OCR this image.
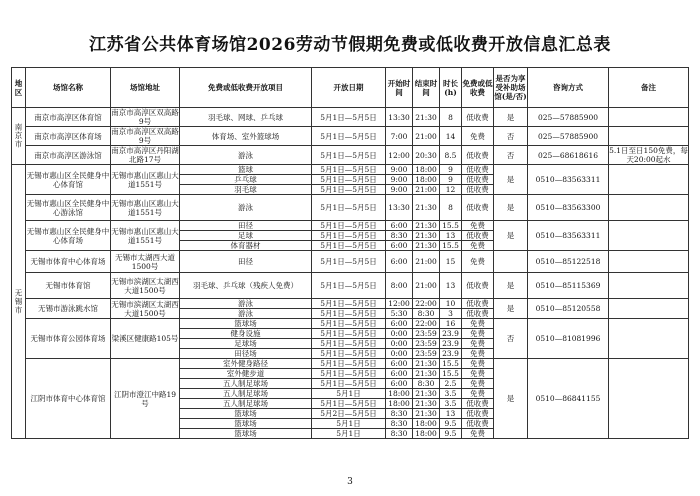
江苏省公共体育场馆2026劳动节假期免费或低收费开放信息汇总表
地区	场馆名称	场馆地址	免费或低收费开放项目	开放日期	开始时间	结束时间	时长(h)	免费或低收费	是否为享受补助场馆(是/否)	咨询方式	备注
南京市	南京市高淳区体育馆	南京市高淳区双高路9号	羽毛球、网球、乒乓球	5月1日—5月5日	13:30	21:30	8	低收费	是	025—57885900	
	南京市高淳区体育场	南京市高淳区双高路9号	体育场、室外篮球场	5月1日—5月5日	7:00	21:00	14	免费	否	025—57885900	
	南京市高淳区游泳馆	南京市高淳区丹阳湖北路17号	游泳	5月1日—5月5日	12:00	20:30	8.5	低收费	否	025—68618616	5.1日至日150免费，每天20:00起水
无锡市	无锡市惠山区全民健身中心体育馆	无锡市惠山区惠山大道1551号	篮球	5月1日—5月5日	9:00	18:00	9	低收费	是	0510—83563311	
			乒乓球	5月1日—5月5日	9:00	18:00	9	低收费			
			羽毛球	5月1日—5月5日	9:00	21:00	12	低收费			
	无锡市惠山区全民健身中心游泳馆	无锡市惠山区惠山大道1551号	游泳	5月1日—5月5日	13:30	21:30	8	低收费	是	0510—83563300	
	无锡市惠山区全民健身中心体育场	无锡市惠山区惠山大道1551号	田径	5月1日—5月5日	6:00	21:30	15.5	免费	是	0510—83563311	
			足球	5月1日—5月5日	8:30	21:30	13	低收费			
			体育器材	5月1日—5月5日	6:00	21:30	15.5	免费			
	无锡市体育中心体育场	无锡市太湖西大道1500号	田径	5月1日—5月5日	6:00	21:00	15	免费		0510—85122518	
	无锡市体育馆	无锡市滨湖区太湖西大道1500号	羽毛球、乒乓球（残疾人免费）	5月1日—5月5日	8:00	21:00	13	低收费	是	0510—85115369	
	无锡市游泳跳水馆	无锡市滨湖区太湖西大道1500号	游泳	5月1日—5月5日	12:00	22:00	10	低收费	是	0510—85120558	
			游泳	5月1日—5月5日	5:30	8:30	3	低收费			
	无锡市体育公园体育场	梁溪区健康路105号	篮球场	5月1日—5月5日	6:00	22:00	16	免费	否	0510—81081996	
			健身设施	5月1日—5月5日	0:00	23:59	23.9	免费			
			足球场	5月1日—5月5日	0:00	23:59	23.9	免费			
			田径场	5月1日—5月5日	0:00	23:59	23.9	免费			
	江阴市体育中心体育馆	江阴市澄江中路19号	室外健身路径	5月1日—5月5日	6:00	21:30	15.5	免费	是	0510—86841155	
			室外健步道	5月1日—5月5日	6:00	21:30	15.5	免费			
			五人制足球场	5月1日—5月5日	6:00	8:30	2.5	免费			
			五人制足球场	5月1日	18:00	21:30	3.5	免费			
			五人制足球场	5月1日—5月5日	18:00	21:30	3.5	低收费			
			篮球场	5月2日—5月5日	8:30	21:30	13	低收费			
			篮球场	5月1日	8:30	18:00	9.5	低收费			
			篮球场	5月1日	8:30	18:00	9.5	免费			
3
